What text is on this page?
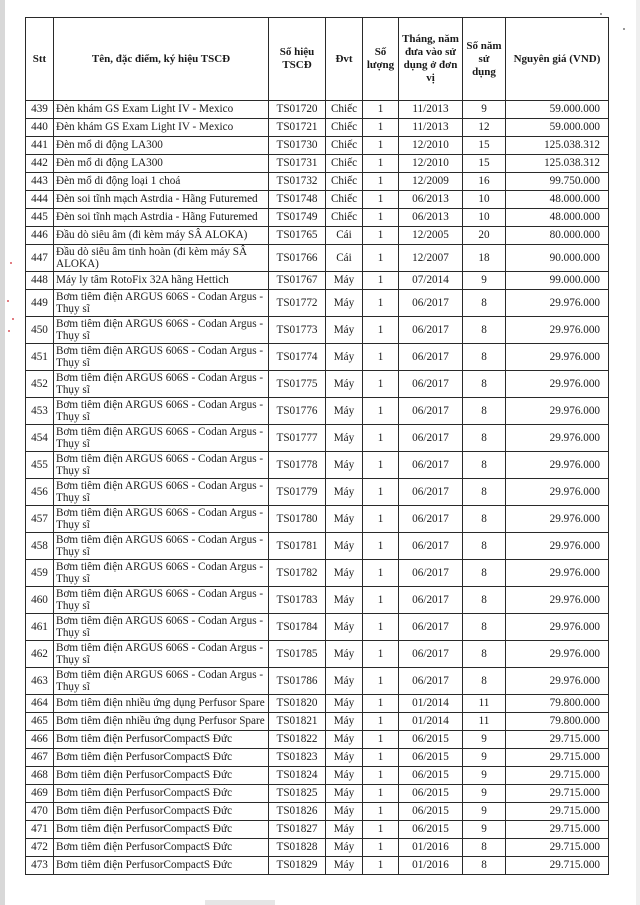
Stt	Tên, đặc điểm, ký hiệu TSCĐ	Số hiệu TSCĐ	Đvt	Số lượng	Tháng, năm đưa vào sử dụng ở đơn vị	Số năm sử dụng	Nguyên giá (VND)
439	Đèn khám GS Exam Light IV - Mexico	TS01720	Chiếc	1	11/2013	9	59.000.000
440	Đèn khám GS Exam Light IV - Mexico	TS01721	Chiếc	1	11/2013	12	59.000.000
441	Đèn mổ di động LA300	TS01730	Chiếc	1	12/2010	15	125.038.312
442	Đèn mổ di động LA300	TS01731	Chiếc	1	12/2010	15	125.038.312
443	Đèn mổ di động loại 1 choá	TS01732	Chiếc	1	12/2009	16	99.750.000
444	Đèn soi tĩnh mạch Astrdia - Hãng Futuremed	TS01748	Chiếc	1	06/2013	10	48.000.000
445	Đèn soi tĩnh mạch Astrdia - Hãng Futuremed	TS01749	Chiếc	1	06/2013	10	48.000.000
446	Đầu dò siêu âm (đi kèm máy SÂ ALOKA)	TS01765	Cái	1	12/2005	20	80.000.000
447	Đầu dò siêu âm tinh hoàn (đi kèm máy SÂ ALOKA)	TS01766	Cái	1	12/2007	18	90.000.000
448	Máy ly tâm RotoFix 32A hãng Hettich	TS01767	Máy	1	07/2014	9	99.000.000
449	Bơm tiêm điện ARGUS 606S - Codan Argus - Thụy sĩ	TS01772	Máy	1	06/2017	8	29.976.000
450	Bơm tiêm điện ARGUS 606S - Codan Argus - Thụy sĩ	TS01773	Máy	1	06/2017	8	29.976.000
451	Bơm tiêm điện ARGUS 606S - Codan Argus - Thụy sĩ	TS01774	Máy	1	06/2017	8	29.976.000
452	Bơm tiêm điện ARGUS 606S - Codan Argus - Thụy sĩ	TS01775	Máy	1	06/2017	8	29.976.000
453	Bơm tiêm điện ARGUS 606S - Codan Argus - Thụy sĩ	TS01776	Máy	1	06/2017	8	29.976.000
454	Bơm tiêm điện ARGUS 606S - Codan Argus - Thụy sĩ	TS01777	Máy	1	06/2017	8	29.976.000
455	Bơm tiêm điện ARGUS 606S - Codan Argus - Thụy sĩ	TS01778	Máy	1	06/2017	8	29.976.000
456	Bơm tiêm điện ARGUS 606S - Codan Argus - Thụy sĩ	TS01779	Máy	1	06/2017	8	29.976.000
457	Bơm tiêm điện ARGUS 606S - Codan Argus - Thụy sĩ	TS01780	Máy	1	06/2017	8	29.976.000
458	Bơm tiêm điện ARGUS 606S - Codan Argus - Thụy sĩ	TS01781	Máy	1	06/2017	8	29.976.000
459	Bơm tiêm điện ARGUS 606S - Codan Argus - Thụy sĩ	TS01782	Máy	1	06/2017	8	29.976.000
460	Bơm tiêm điện ARGUS 606S - Codan Argus - Thụy sĩ	TS01783	Máy	1	06/2017	8	29.976.000
461	Bơm tiêm điện ARGUS 606S - Codan Argus - Thụy sĩ	TS01784	Máy	1	06/2017	8	29.976.000
462	Bơm tiêm điện ARGUS 606S - Codan Argus - Thụy sĩ	TS01785	Máy	1	06/2017	8	29.976.000
463	Bơm tiêm điện ARGUS 606S - Codan Argus - Thụy sĩ	TS01786	Máy	1	06/2017	8	29.976.000
464	Bơm tiêm điện nhiều ứng dụng Perfusor Spare	TS01820	Máy	1	01/2014	11	79.800.000
465	Bơm tiêm điện nhiều ứng dụng Perfusor Spare	TS01821	Máy	1	01/2014	11	79.800.000
466	Bơm tiêm điện PerfusorCompactS Đức	TS01822	Máy	1	06/2015	9	29.715.000
467	Bơm tiêm điện PerfusorCompactS Đức	TS01823	Máy	1	06/2015	9	29.715.000
468	Bơm tiêm điện PerfusorCompactS Đức	TS01824	Máy	1	06/2015	9	29.715.000
469	Bơm tiêm điện PerfusorCompactS Đức	TS01825	Máy	1	06/2015	9	29.715.000
470	Bơm tiêm điện PerfusorCompactS Đức	TS01826	Máy	1	06/2015	9	29.715.000
471	Bơm tiêm điện PerfusorCompactS Đức	TS01827	Máy	1	06/2015	9	29.715.000
472	Bơm tiêm điện PerfusorCompactS Đức	TS01828	Máy	1	01/2016	8	29.715.000
473	Bơm tiêm điện PerfusorCompactS Đức	TS01829	Máy	1	01/2016	8	29.715.000
